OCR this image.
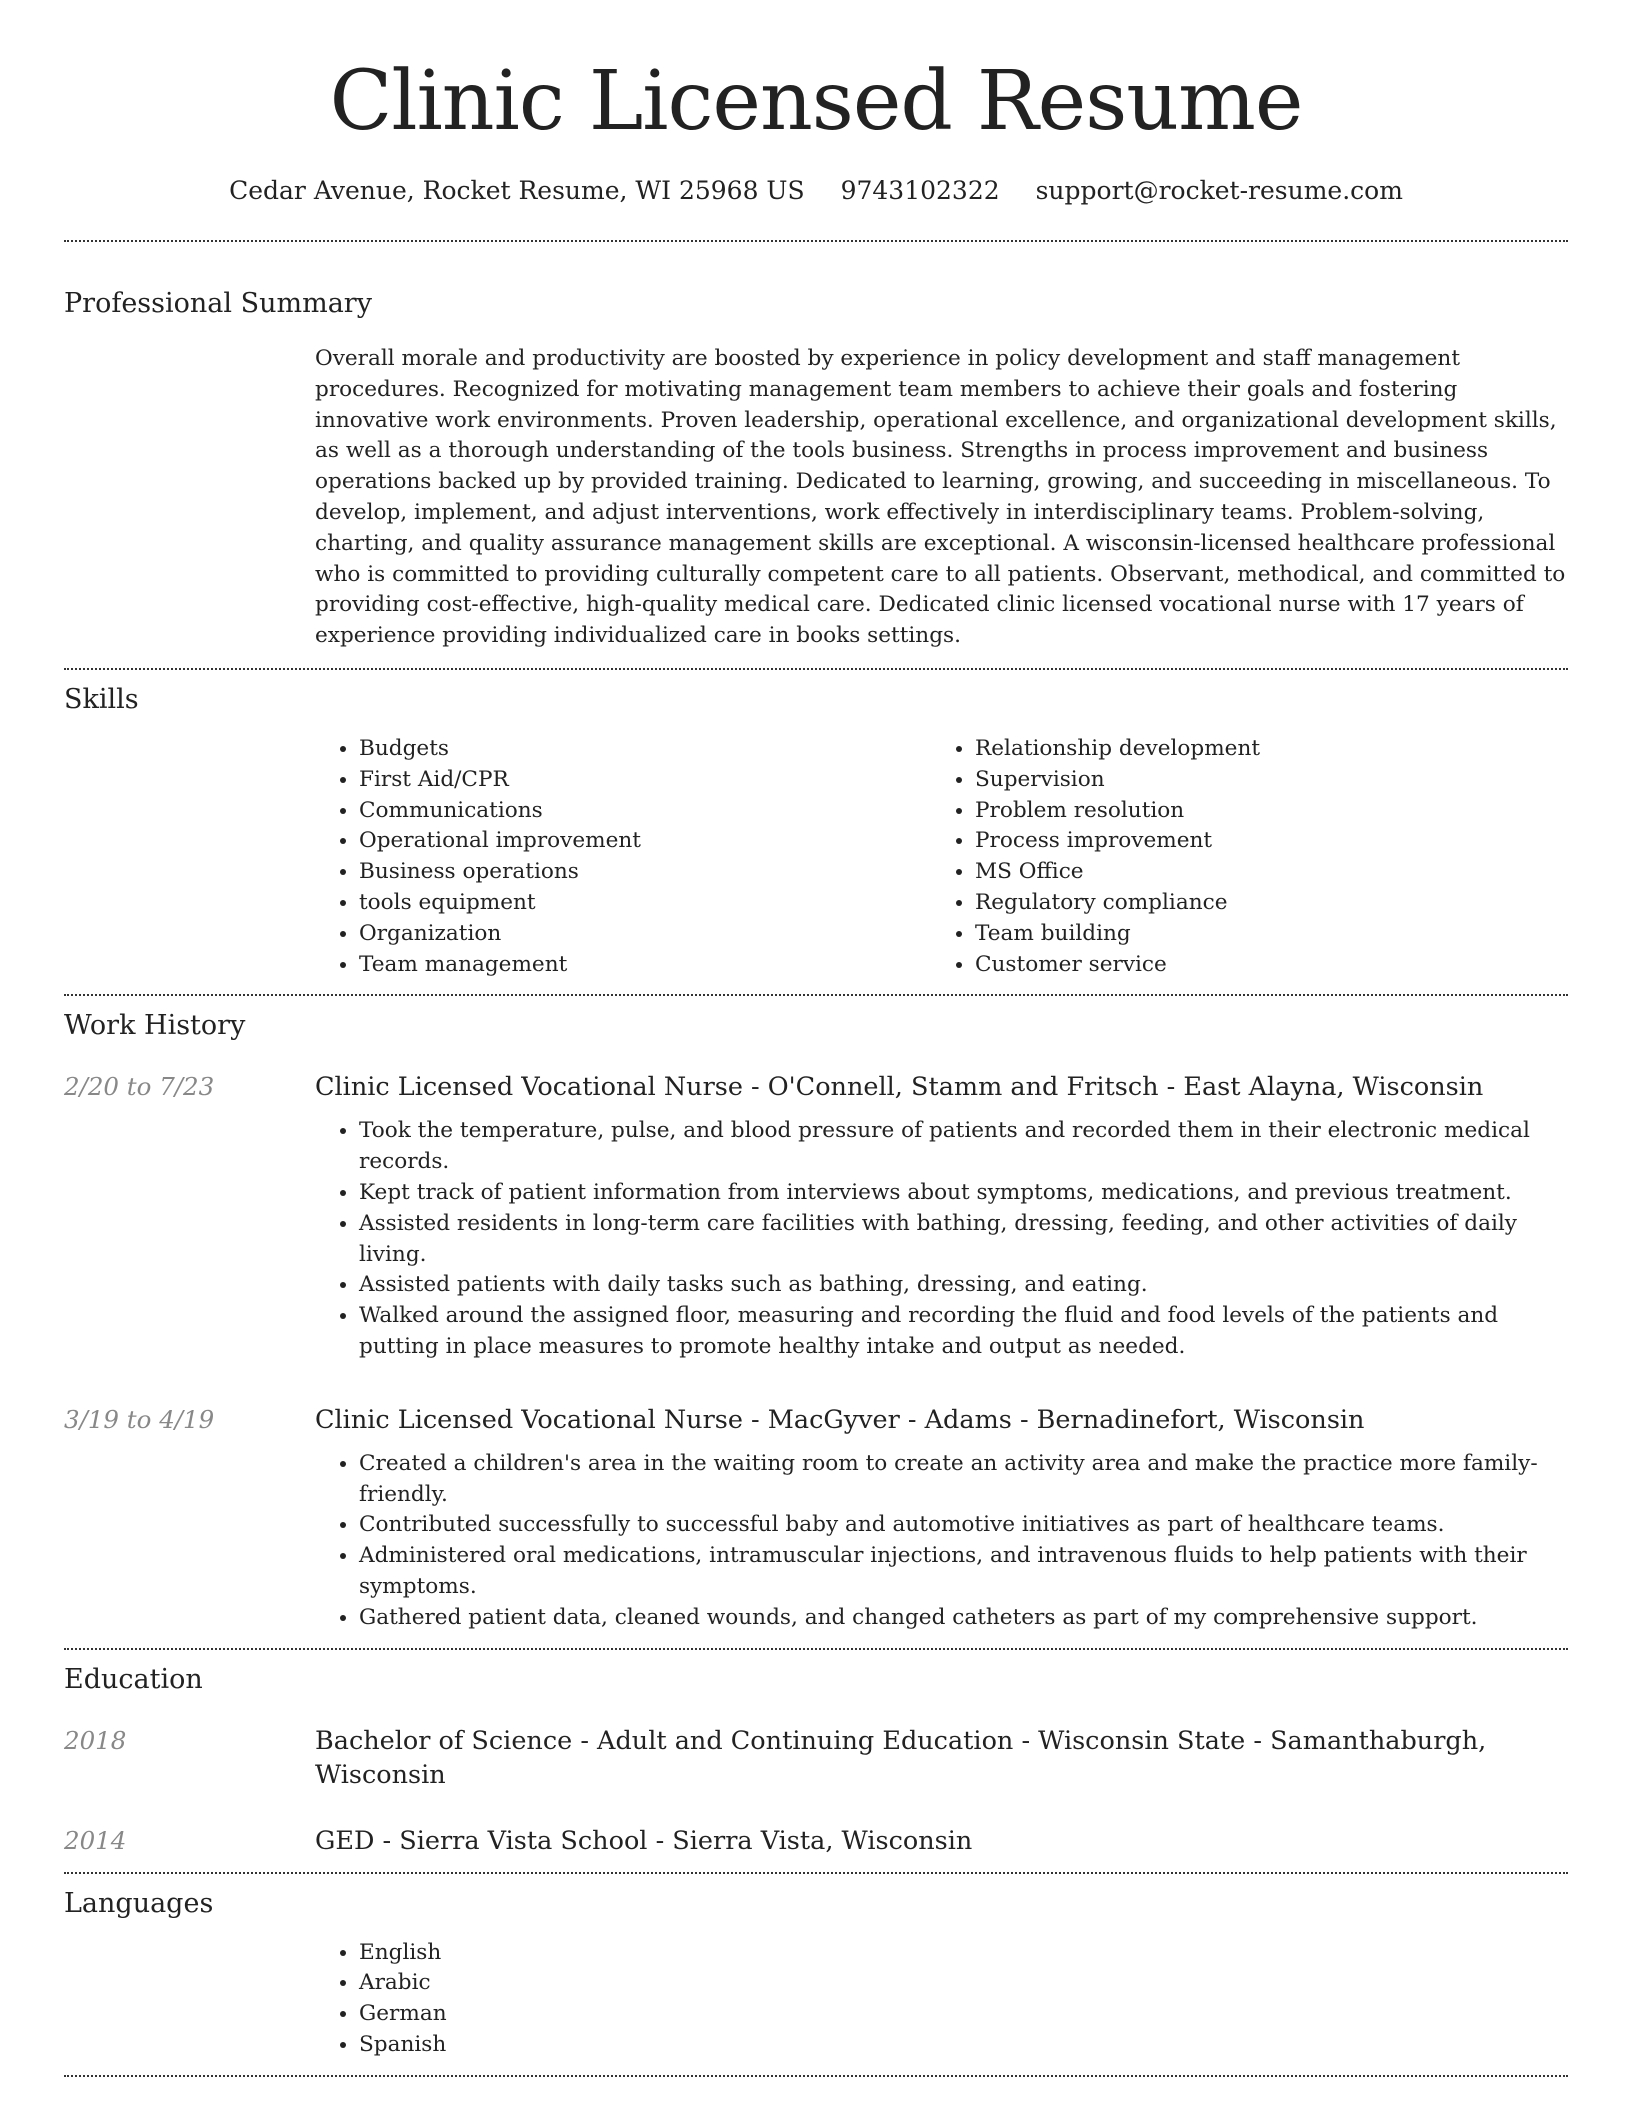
Clinic Licensed Resume
Cedar Avenue, Rocket Resume, WI 25968 US 9743102322 support@rocket-resume.com
Professional Summary
Overall morale and productivity are boosted by experience in policy development and staff management procedures. Recognized for motivating management team members to achieve their goals and fostering innovative work environments. Proven leadership, operational excellence, and organizational development skills, as well as a thorough understanding of the tools business. Strengths in process improvement and business operations backed up by provided training. Dedicated to learning, growing, and succeeding in miscellaneous. To develop, implement, and adjust interventions, work effectively in interdisciplinary teams. Problem-solving, charting, and quality assurance management skills are exceptional. A wisconsin-licensed healthcare professional who is committed to providing culturally competent care to all patients. Observant, methodical, and committed to providing cost-effective, high-quality medical care. Dedicated clinic licensed vocational nurse with 17 years of experience providing individualized care in books settings.
Skills
• Budgets
• First Aid/CPR
• Communications
• Operational improvement
• Business operations
• tools equipment
• Organization
• Team management
• Relationship development
• Supervision
• Problem resolution
• Process improvement
• MS Office
• Regulatory compliance
• Team building
• Customer service
Work History
2/20 to 7/23	Clinic Licensed Vocational Nurse - O'Connell, Stamm and Fritsch - East Alayna, Wisconsin
• Took the temperature, pulse, and blood pressure of patients and recorded them in their electronic medical records.
• Kept track of patient information from interviews about symptoms, medications, and previous treatment.
• Assisted residents in long-term care facilities with bathing, dressing, feeding, and other activities of daily living.
• Assisted patients with daily tasks such as bathing, dressing, and eating.
• Walked around the assigned floor, measuring and recording the fluid and food levels of the patients and putting in place measures to promote healthy intake and output as needed.
3/19 to 4/19	Clinic Licensed Vocational Nurse - MacGyver - Adams - Bernadinefort, Wisconsin
• Created a children's area in the waiting room to create an activity area and make the practice more family-friendly.
• Contributed successfully to successful baby and automotive initiatives as part of healthcare teams.
• Administered oral medications, intramuscular injections, and intravenous fluids to help patients with their symptoms.
• Gathered patient data, cleaned wounds, and changed catheters as part of my comprehensive support.
Education
2018	Bachelor of Science - Adult and Continuing Education - Wisconsin State - Samanthaburgh, Wisconsin
2014	GED - Sierra Vista School - Sierra Vista, Wisconsin
Languages
• English
• Arabic
• German
• Spanish
